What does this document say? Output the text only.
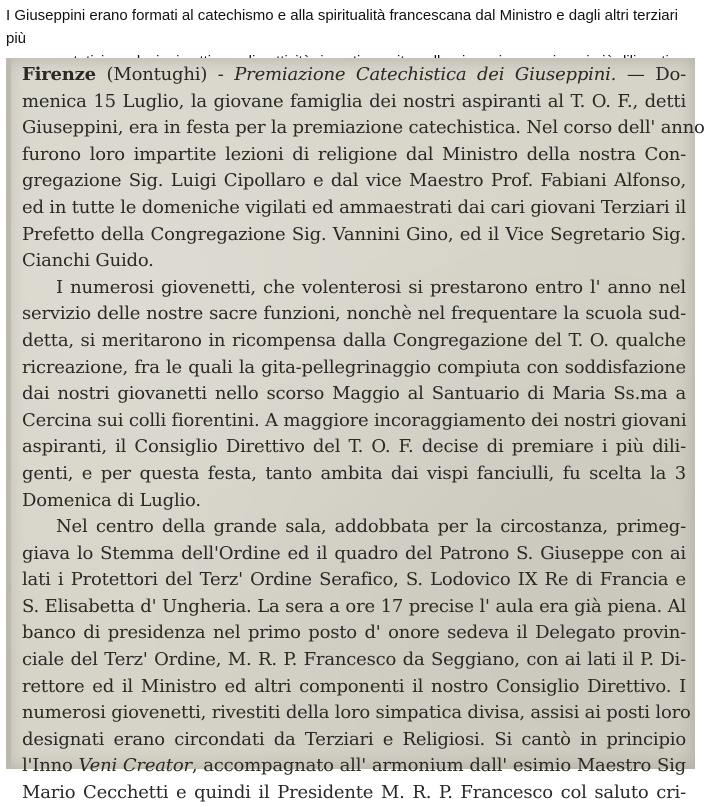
I Giuseppini erano formati al catechismo e alla spiritualità francescana dal Ministro e dagli altri terziari più
Firenze (Montughi) - Premiazione Catechistica dei Giuseppini. — Do-
menica 15 Luglio, la giovane famiglia dei nostri aspiranti al T. O. F., detti
Giuseppini, era in festa per la premiazione catechistica. Nel corso dell' anno
furono loro impartite lezioni di religione dal Ministro della nostra Con-
gregazione Sig. Luigi Cipollaro e dal vice Maestro Prof. Fabiani Alfonso,
ed in tutte le domeniche vigilati ed ammaestrati dai cari giovani Terziari il
Prefetto della Congregazione Sig. Vannini Gino, ed il Vice Segretario Sig.
Cianchi Guido.
I numerosi giovenetti, che volenterosi si prestarono entro l' anno nel
servizio delle nostre sacre funzioni, nonchè nel frequentare la scuola sud-
detta, si meritarono in ricompensa dalla Congregazione del T. O. qualche
ricreazione, fra le quali la gita-pellegrinaggio compiuta con soddisfazione
dai nostri giovanetti nello scorso Maggio al Santuario di Maria Ss.ma a
Cercina sui colli fiorentini. A maggiore incoraggiamento dei nostri giovani
aspiranti, il Consiglio Direttivo del T. O. F. decise di premiare i più dili-
genti, e per questa festa, tanto ambita dai vispi fanciulli, fu scelta la 3
Domenica di Luglio.
Nel centro della grande sala, addobbata per la circostanza, primeg-
giava lo Stemma dell'Ordine ed il quadro del Patrono S. Giuseppe con ai
lati i Protettori del Terz' Ordine Serafico, S. Lodovico IX Re di Francia e
S. Elisabetta d' Ungheria. La sera a ore 17 precise l' aula era già piena. Al
banco di presidenza nel primo posto d' onore sedeva il Delegato provin-
ciale del Terz' Ordine, M. R. P. Francesco da Seggiano, con ai lati il P. Di-
rettore ed il Ministro ed altri componenti il nostro Consiglio Direttivo. I
numerosi giovenetti, rivestiti della loro simpatica divisa, assisi ai posti loro
designati erano circondati da Terziari e Religiosi. Si cantò in principio
l'Inno Veni Creator, accompagnato all' armonium dall' esimio Maestro Sig
Mario Cecchetti e quindi il Presidente M. R. P. Francesco col saluto cri-
